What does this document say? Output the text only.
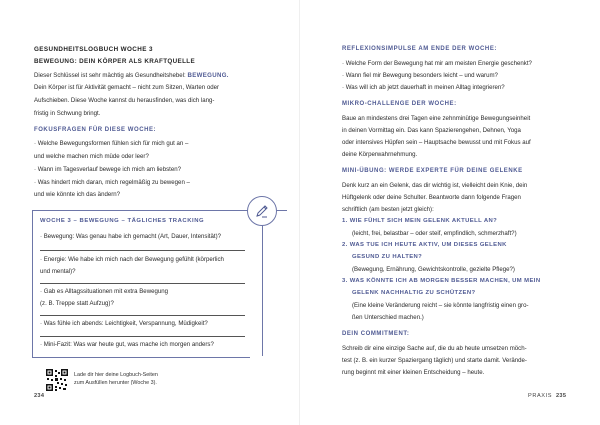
GESUNDHEITSLOGBUCH WOCHE 3
BEWEGUNG: DEIN KÖRPER ALS KRAFTQUELLE
Dieser Schlüssel ist sehr mächtig als Gesundheitshebel: BEWEGUNG.
Dein Körper ist für Aktivität gemacht – nicht zum Sitzen, Warten oder
Aufschieben. Diese Woche kannst du herausfinden, was dich lang-
fristig in Schwung bringt.
FOKUSFRAGEN FÜR DIESE WOCHE:
· Welche Bewegungsformen fühlen sich für mich gut an –
und welche machen mich müde oder leer?
· Wann im Tagesverlauf bewege ich mich am liebsten?
· Was hindert mich daran, mich regelmäßig zu bewegen –
und wie könnte ich das ändern?
WOCHE 3 – BEWEGUNG – TÄGLICHES TRACKING
· Bewegung: Was genau habe ich gemacht (Art, Dauer, Intensität)?
· Energie: Wie habe ich mich nach der Bewegung gefühlt (körperlich
und mental)?
· Gab es Alltagssituationen mit extra Bewegung
(z. B. Treppe statt Aufzug)?
· Was fühle ich abends: Leichtigkeit, Verspannung, Müdigkeit?
· Mini-Fazit: Was war heute gut, was mache ich morgen anders?
Lade dir hier deine Logbuch-Seiten
zum Ausfüllen herunter (Woche 3).
234
REFLEXIONSIMPULSE AM ENDE DER WOCHE:
· Welche Form der Bewegung hat mir am meisten Energie geschenkt?
· Wann fiel mir Bewegung besonders leicht – und warum?
· Was will ich ab jetzt dauerhaft in meinen Alltag integrieren?
MIKRO-CHALLENGE DER WOCHE:
Baue an mindestens drei Tagen eine zehnminütige Bewegungseinheit
in deinen Vormittag ein. Das kann Spazierengehen, Dehnen, Yoga
oder intensives Hüpfen sein – Hauptsache bewusst und mit Fokus auf
deine Körperwahrnehmung.
MINI-ÜBUNG: WERDE EXPERTE FÜR DEINE GELENKE
Denk kurz an ein Gelenk, das dir wichtig ist, vielleicht dein Knie, dein
Hüftgelenk oder deine Schulter. Beantworte dann folgende Fragen
schriftlich (am besten jetzt gleich):
1. WIE FÜHLT SICH MEIN GELENK AKTUELL AN?
(leicht, frei, belastbar – oder steif, empfindlich, schmerzhaft?)
2. WAS TUE ICH HEUTE AKTIV, UM DIESES GELENK
GESUND ZU HALTEN?
(Bewegung, Ernährung, Gewichtskontrolle, gezielte Pflege?)
3. WAS KÖNNTE ICH AB MORGEN BESSER MACHEN, UM MEIN
GELENK NACHHALTIG ZU SCHÜTZEN?
(Eine kleine Veränderung reicht – sie könnte langfristig einen gro-
ßen Unterschied machen.)
DEIN COMMITMENT:
Schreib dir eine einzige Sache auf, die du ab heute umsetzen möch-
test (z. B. ein kurzer Spaziergang täglich) und starte damit. Verände-
rung beginnt mit einer kleinen Entscheidung – heute.
PRAXIS 235
